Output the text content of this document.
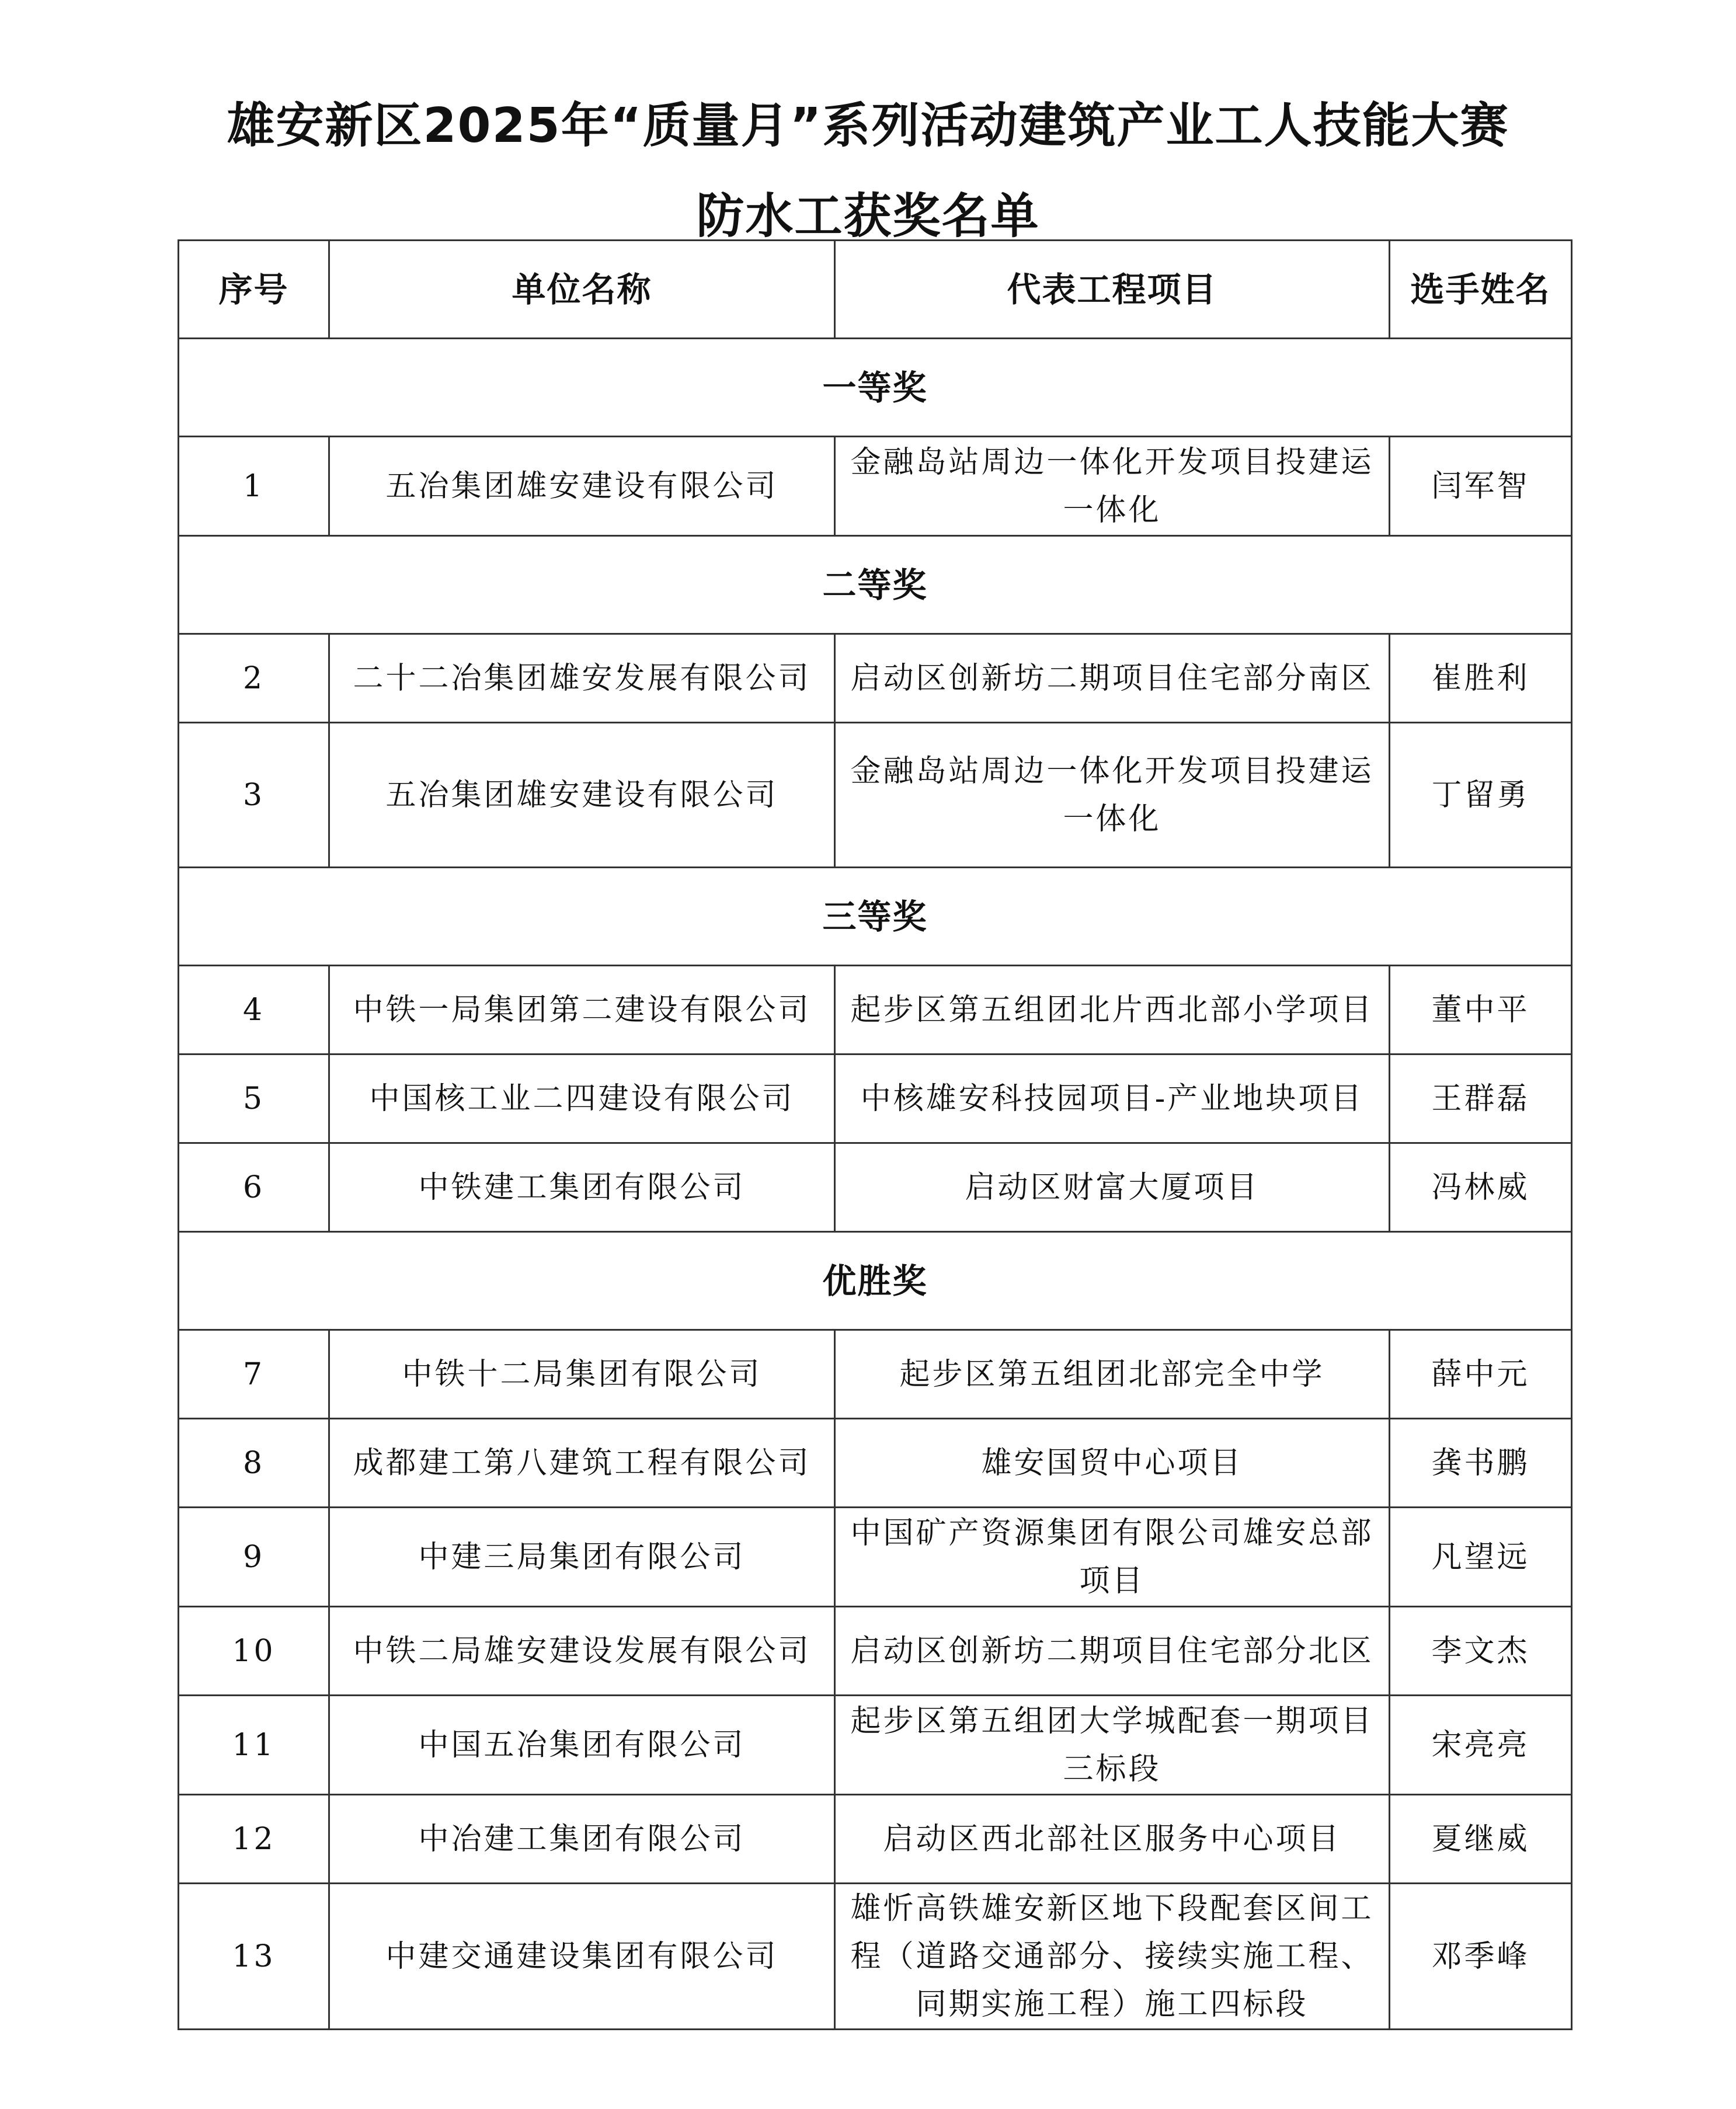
雄安新区2025年“质量月”系列活动建筑产业工人技能大赛
防水工获奖名单
序号	单位名称	代表工程项目	选手姓名
一等奖			
1	五冶集团雄安建设有限公司	金融岛站周边一体化开发项目投建运一体化	闫军智
二等奖			
2	二十二冶集团雄安发展有限公司	启动区创新坊二期项目住宅部分南区	崔胜利
3	五冶集团雄安建设有限公司	金融岛站周边一体化开发项目投建运一体化	丁留勇
三等奖			
4	中铁一局集团第二建设有限公司	起步区第五组团北片西北部小学项目	董中平
5	中国核工业二四建设有限公司	中核雄安科技园项目-产业地块项目	王群磊
6	中铁建工集团有限公司	启动区财富大厦项目	冯林威
优胜奖			
7	中铁十二局集团有限公司	起步区第五组团北部完全中学	薛中元
8	成都建工第八建筑工程有限公司	雄安国贸中心项目	龚书鹏
9	中建三局集团有限公司	中国矿产资源集团有限公司雄安总部项目	凡望远
10	中铁二局雄安建设发展有限公司	启动区创新坊二期项目住宅部分北区	李文杰
11	中国五冶集团有限公司	起步区第五组团大学城配套一期项目三标段	宋亮亮
12	中冶建工集团有限公司	启动区西北部社区服务中心项目	夏继威
13	中建交通建设集团有限公司	雄忻高铁雄安新区地下段配套区间工程（道路交通部分、接续实施工程、同期实施工程）施工四标段	邓季峰
